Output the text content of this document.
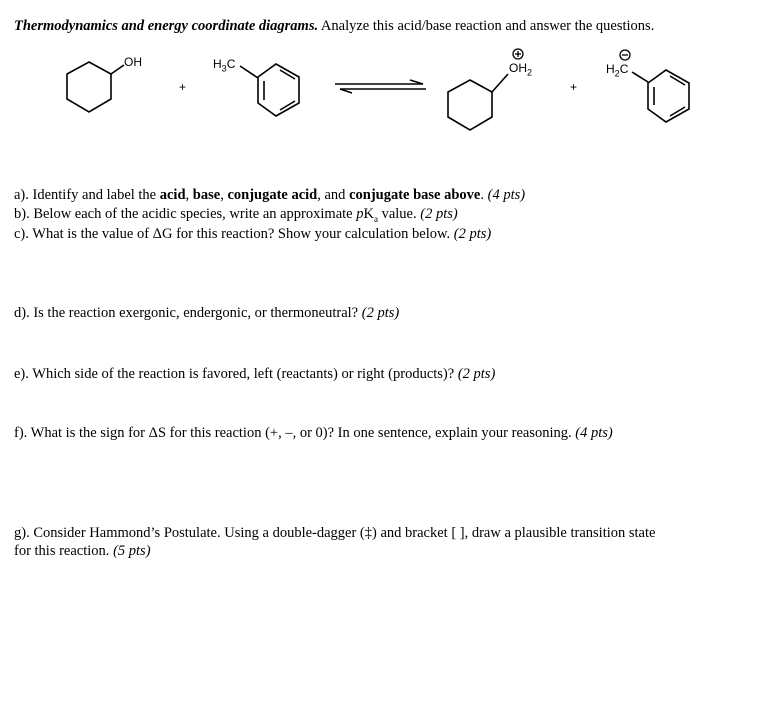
Thermodynamics and energy coordinate diagrams. Analyze this acid/base reaction and answer the questions.
OH
+
$H_3C$	$OH_2$
+
$H_2C$
a). Identify and label the acid, base, conjugate acid, and conjugate base above. (4 pts)
b). Below each of the acidic species, write an approximate $pK_a$ value. (2 pts)
c). What is the value of ΔG for this reaction? Show your calculation below. (2 pts)
d). Is the reaction exergonic, endergonic, or thermoneutral? (2 pts)
e). Which side of the reaction is favored, left (reactants) or right (products)? (2 pts)
f). What is the sign for ΔS for this reaction (+, –, or 0)? In one sentence, explain your reasoning. (4 pts)
g). Consider Hammond’s Postulate. Using a double-dagger (‡) and bracket [ ], draw a plausible transition state
for this reaction. (5 pts)
